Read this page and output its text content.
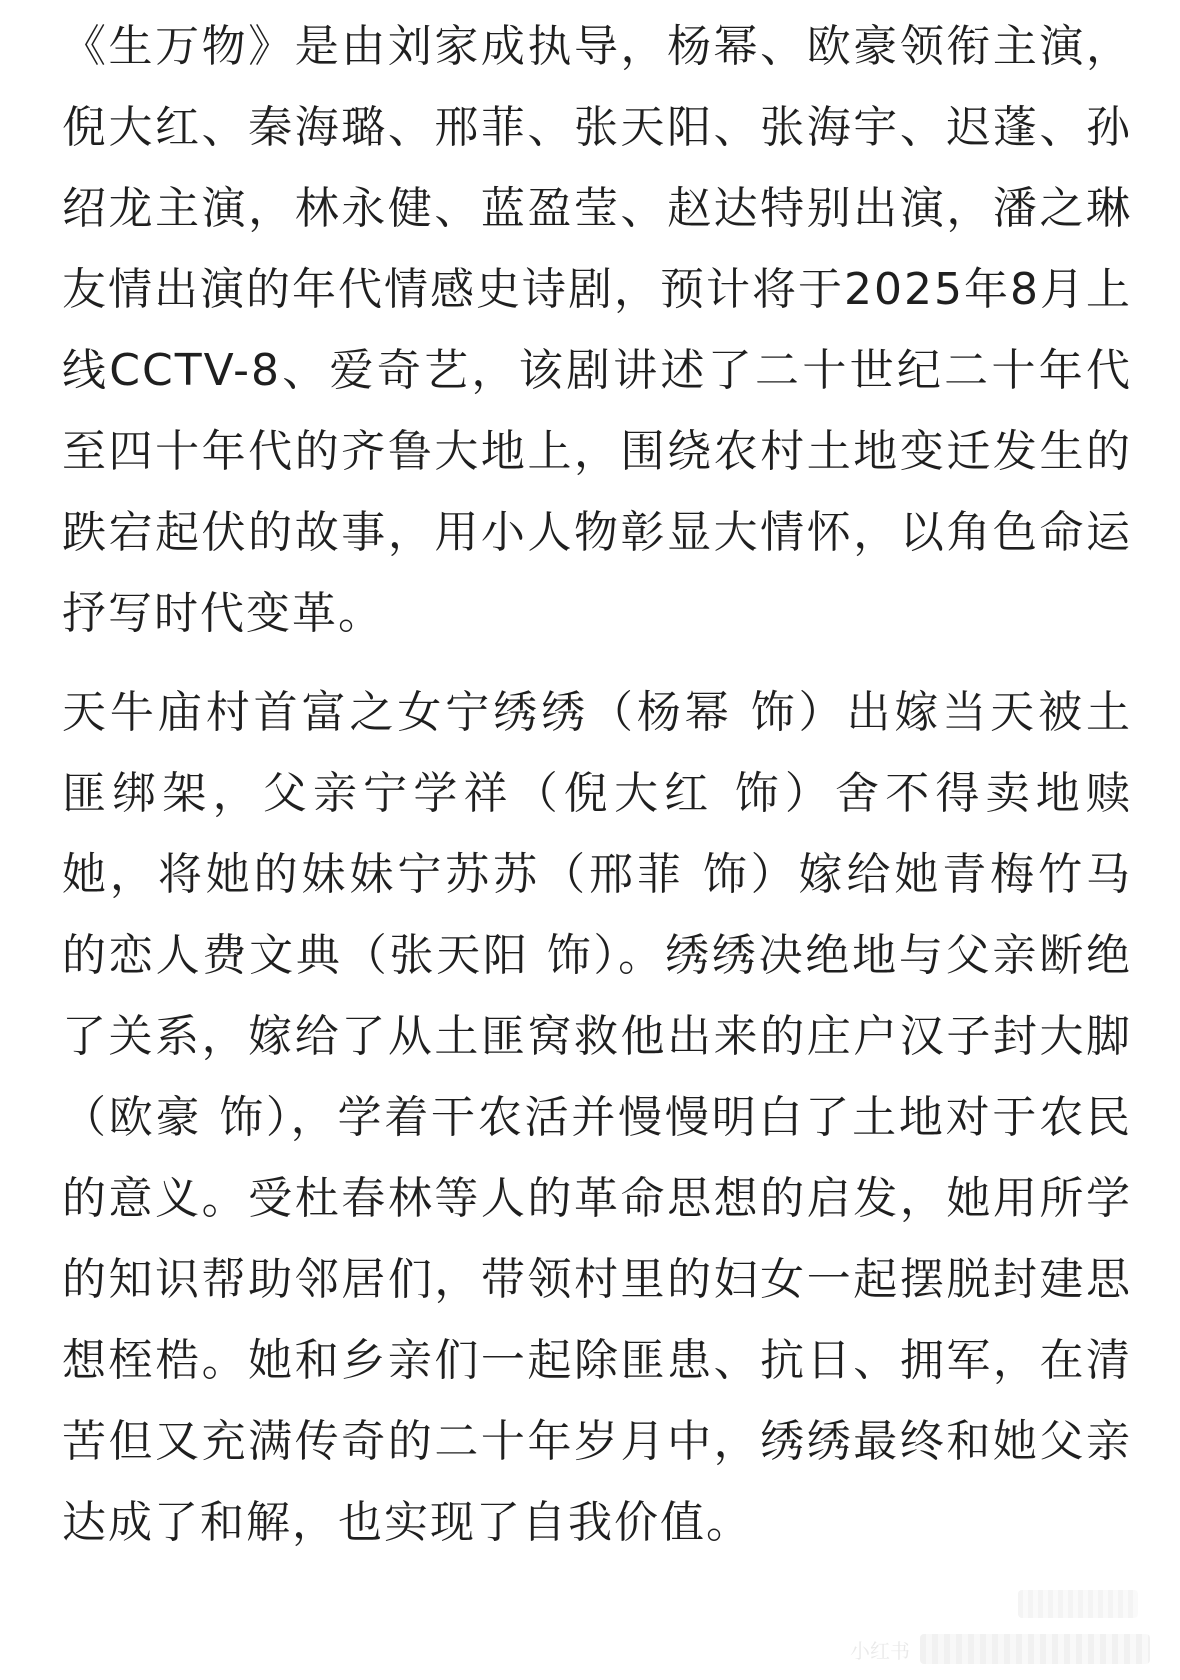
《生万物》是由刘家成执导，杨幂、欧豪领衔主演，倪大红、秦海璐、邢菲、张天阳、张海宇、迟蓬、孙绍龙主演，林永健、蓝盈莹、赵达特别出演，潘之琳友情出演的年代情感史诗剧，预计将于2025年8月上线CCTV-8、爱奇艺，该剧讲述了二十世纪二十年代至四十年代的齐鲁大地上，围绕农村土地变迁发生的跌宕起伏的故事，用小人物彰显大情怀，以角色命运抒写时代变革。

天牛庙村首富之女宁绣绣（杨幂 饰）出嫁当天被土匪绑架，父亲宁学祥（倪大红 饰）舍不得卖地赎她，将她的妹妹宁苏苏（邢菲 饰）嫁给她青梅竹马的恋人费文典（张天阳 饰）。绣绣决绝地与父亲断绝了关系，嫁给了从土匪窝救他出来的庄户汉子封大脚（欧豪 饰），学着干农活并慢慢明白了土地对于农民的意义。受杜春林等人的革命思想的启发，她用所学的知识帮助邻居们，带领村里的妇女一起摆脱封建思想桎梏。她和乡亲们一起除匪患、抗日、拥军，在清苦但又充满传奇的二十年岁月中，绣绣最终和她父亲达成了和解，也实现了自我价值。

小红书
